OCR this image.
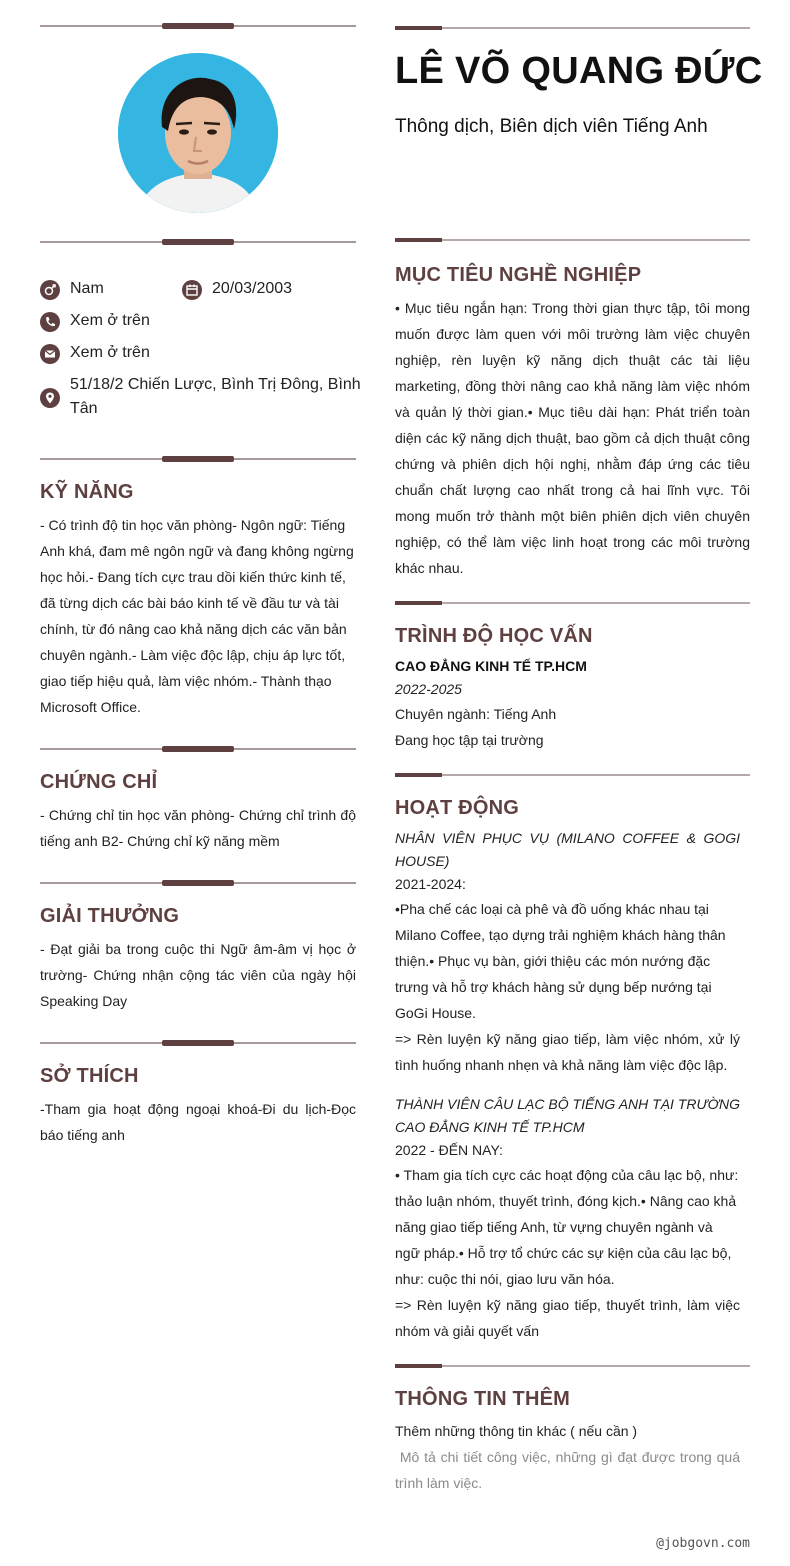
Nam	20/03/2003
Xem ở trên
Xem ở trên
51/18/2 Chiến Lược, Bình Trị Đông, Bình
Tân
KỸ NĂNG
- Có trình độ tin học văn phòng- Ngôn ngữ: Tiếng Anh khá, đam mê ngôn ngữ và đang không ngừng học hỏi.- Đang tích cực trau dồi kiến thức kinh tế, đã từng dịch các bài báo kinh tế về đầu tư và tài chính, từ đó nâng cao khả năng dịch các văn bản chuyên ngành.- Làm việc độc lập, chịu áp lực tốt, giao tiếp hiệu quả, làm việc nhóm.- Thành thạo Microsoft Office.
CHỨNG CHỈ
- Chứng chỉ tin học văn phòng- Chứng chỉ trình độ tiếng anh B2- Chứng chỉ kỹ năng mềm
GIẢI THƯỞNG
- Đạt giải ba trong cuộc thi Ngữ âm-âm vị học ở trường- Chứng nhận cộng tác viên của ngày hội Speaking Day
SỞ THÍCH
-Tham gia hoạt động ngoại khoá-Đi du lịch-Đọc báo tiếng anh
LÊ VÕ QUANG ĐỨC
Thông dịch, Biên dịch viên Tiếng Anh
MỤC TIÊU NGHỀ NGHIỆP
• Mục tiêu ngắn hạn: Trong thời gian thực tập, tôi mong muốn được làm quen với môi trường làm việc chuyên nghiệp, rèn luyện kỹ năng dịch thuật các tài liệu marketing, đồng thời nâng cao khả năng làm việc nhóm và quản lý thời gian.• Mục tiêu dài hạn: Phát triển toàn diện các kỹ năng dịch thuật, bao gồm cả dịch thuật công chứng và phiên dịch hội nghị, nhằm đáp ứng các tiêu chuẩn chất lượng cao nhất trong cả hai lĩnh vực. Tôi mong muốn trở thành một biên phiên dịch viên chuyên nghiệp, có thể làm việc linh hoạt trong các môi trường khác nhau.
TRÌNH ĐỘ HỌC VẤN
CAO ĐẲNG KINH TẾ TP.HCM
2022-2025
Chuyên ngành: Tiếng Anh
Đang học tập tại trường
HOẠT ĐỘNG
NHÂN VIÊN PHỤC VỤ (MILANO COFFEE & GOGI HOUSE)
2021-2024:
•Pha chế các loại cà phê và đồ uống khác nhau tại Milano Coffee, tạo dựng trải nghiệm khách hàng thân thiện.• Phục vụ bàn, giới thiệu các món nướng đặc trưng và hỗ trợ khách hàng sử dụng bếp nướng tại GoGi House.
=> Rèn luyện kỹ năng giao tiếp, làm việc nhóm, xử lý tình huống nhanh nhẹn và khả năng làm việc độc lập.
THÀNH VIÊN CÂU LẠC BỘ TIẾNG ANH TẠI TRƯỜNG CAO ĐẲNG KINH TẾ TP.HCM
2022 - ĐẾN NAY:
• Tham gia tích cực các hoạt động của câu lạc bộ, như: thảo luận nhóm, thuyết trình, đóng kịch.• Nâng cao khả năng giao tiếp tiếng Anh, từ vựng chuyên ngành và ngữ pháp.• Hỗ trợ tổ chức các sự kiện của câu lạc bộ, như: cuộc thi nói, giao lưu văn hóa.
=> Rèn luyện kỹ năng giao tiếp, thuyết trình, làm việc nhóm và giải quyết vấn
THÔNG TIN THÊM
Thêm những thông tin khác ( nếu cần )
Mô tả chi tiết công việc, những gì đạt được trong quá trình làm việc.
@jobgovn.com
